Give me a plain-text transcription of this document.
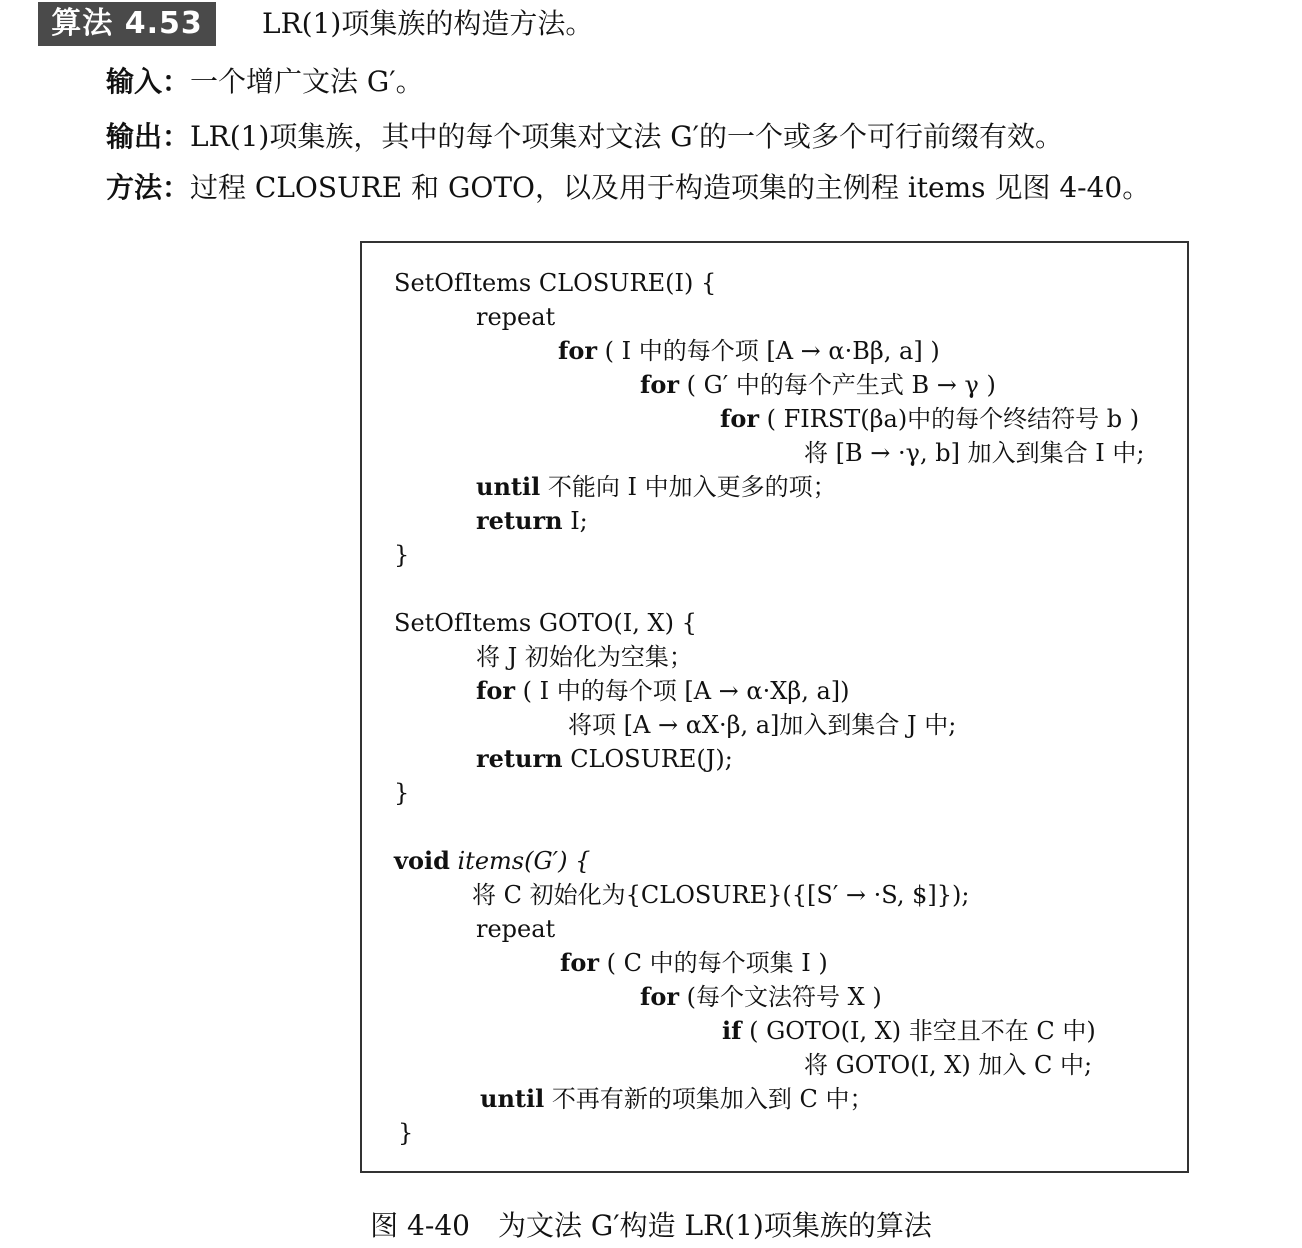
算法 4.53	LR(1)项集族的构造方法。
输入：一个增广文法 G′。
输出：LR(1)项集族，其中的每个项集对文法 G′的一个或多个可行前缀有效。
方法：过程 CLOSURE 和 GOTO，以及用于构造项集的主例程 items 见图 4-40。
SetOfItems CLOSURE(I) {
repeat
for ( I 中的每个项 [A → α·Bβ, a] )
for ( G′ 中的每个产生式 B → γ )
for ( FIRST(βa)中的每个终结符号 b )
将 [B → ·γ, b] 加入到集合 I 中;
until 不能向 I 中加入更多的项；
return I;
}
SetOfItems GOTO(I, X) {
将 J 初始化为空集；
for ( I 中的每个项 [A → α·Xβ, a])
将项 [A → αX·β, a]加入到集合 J 中;
return CLOSURE(J);
}
void items(G′) {
将 C 初始化为{CLOSURE}({[S′ → ·S, $]});
repeat
for ( C 中的每个项集 I )
for (每个文法符号 X )
if ( GOTO(I, X) 非空且不在 C 中)
将 GOTO(I, X) 加入 C 中;
until 不再有新的项集加入到 C 中；
}
图 4-40　为文法 G′构造 LR(1)项集族的算法
